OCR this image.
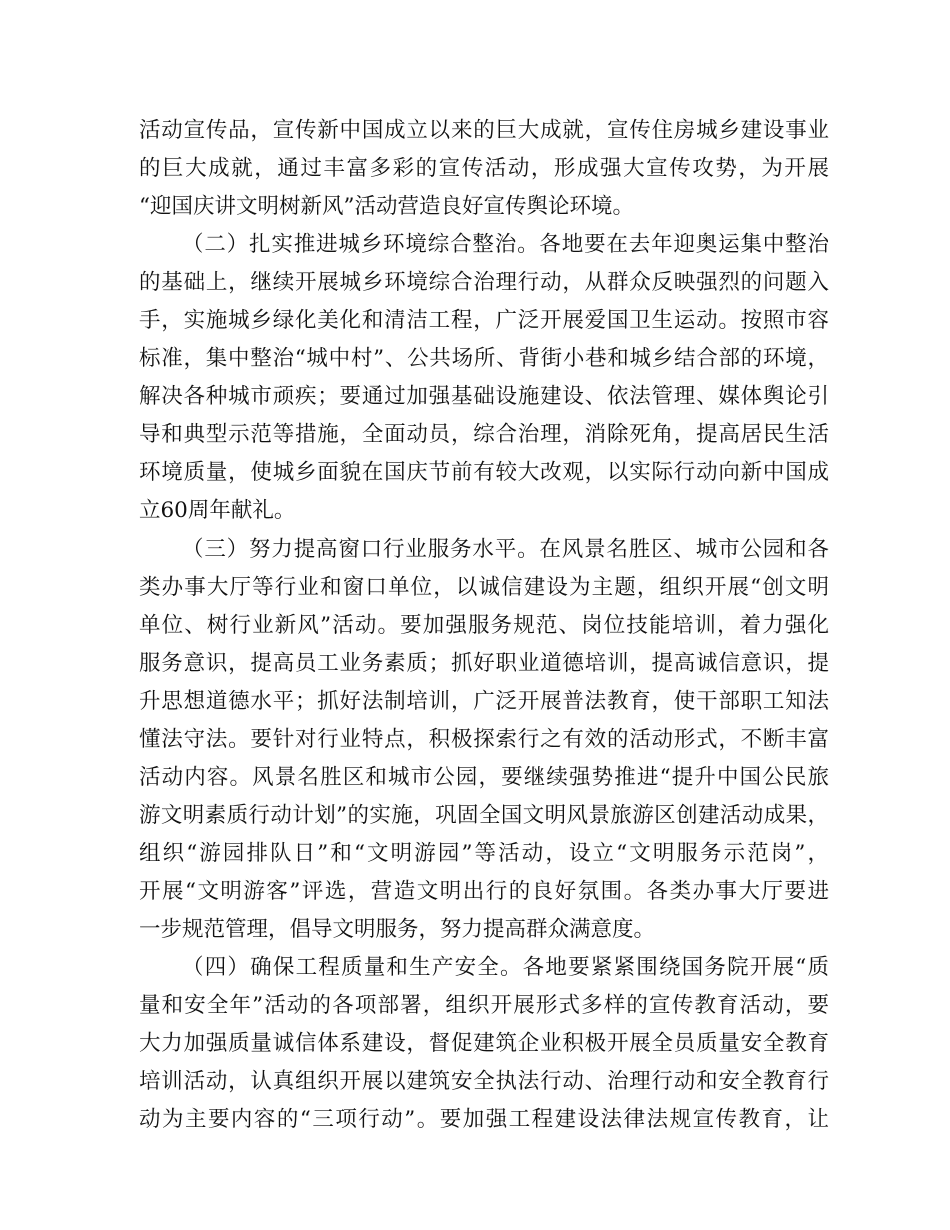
活动宣传品，宣传新中国成立以来的巨大成就，宣传住房城乡建设事业
的巨大成就，通过丰富多彩的宣传活动，形成强大宣传攻势，为开展
“迎国庆讲文明树新风”活动营造良好宣传舆论环境。
（二）扎实推进城乡环境综合整治。各地要在去年迎奥运集中整治
的基础上，继续开展城乡环境综合治理行动，从群众反映强烈的问题入
手，实施城乡绿化美化和清洁工程，广泛开展爱国卫生运动。按照市容
标准，集中整治“城中村”、公共场所、背街小巷和城乡结合部的环境，
解决各种城市顽疾；要通过加强基础设施建设、依法管理、媒体舆论引
导和典型示范等措施，全面动员，综合治理，消除死角，提高居民生活
环境质量，使城乡面貌在国庆节前有较大改观，以实际行动向新中国成
立60周年献礼。
（三）努力提高窗口行业服务水平。在风景名胜区、城市公园和各
类办事大厅等行业和窗口单位，以诚信建设为主题，组织开展“创文明
单位、树行业新风”活动。要加强服务规范、岗位技能培训，着力强化
服务意识，提高员工业务素质；抓好职业道德培训，提高诚信意识，提
升思想道德水平；抓好法制培训，广泛开展普法教育，使干部职工知法
懂法守法。要针对行业特点，积极探索行之有效的活动形式，不断丰富
活动内容。风景名胜区和城市公园，要继续强势推进“提升中国公民旅
游文明素质行动计划”的实施，巩固全国文明风景旅游区创建活动成果，
组织“游园排队日”和“文明游园”等活动，设立“文明服务示范岗”，
开展“文明游客”评选，营造文明出行的良好氛围。各类办事大厅要进
一步规范管理，倡导文明服务，努力提高群众满意度。
（四）确保工程质量和生产安全。各地要紧紧围绕国务院开展“质
量和安全年”活动的各项部署，组织开展形式多样的宣传教育活动，要
大力加强质量诚信体系建设，督促建筑企业积极开展全员质量安全教育
培训活动，认真组织开展以建筑安全执法行动、治理行动和安全教育行
动为主要内容的“三项行动”。要加强工程建设法律法规宣传教育，让
